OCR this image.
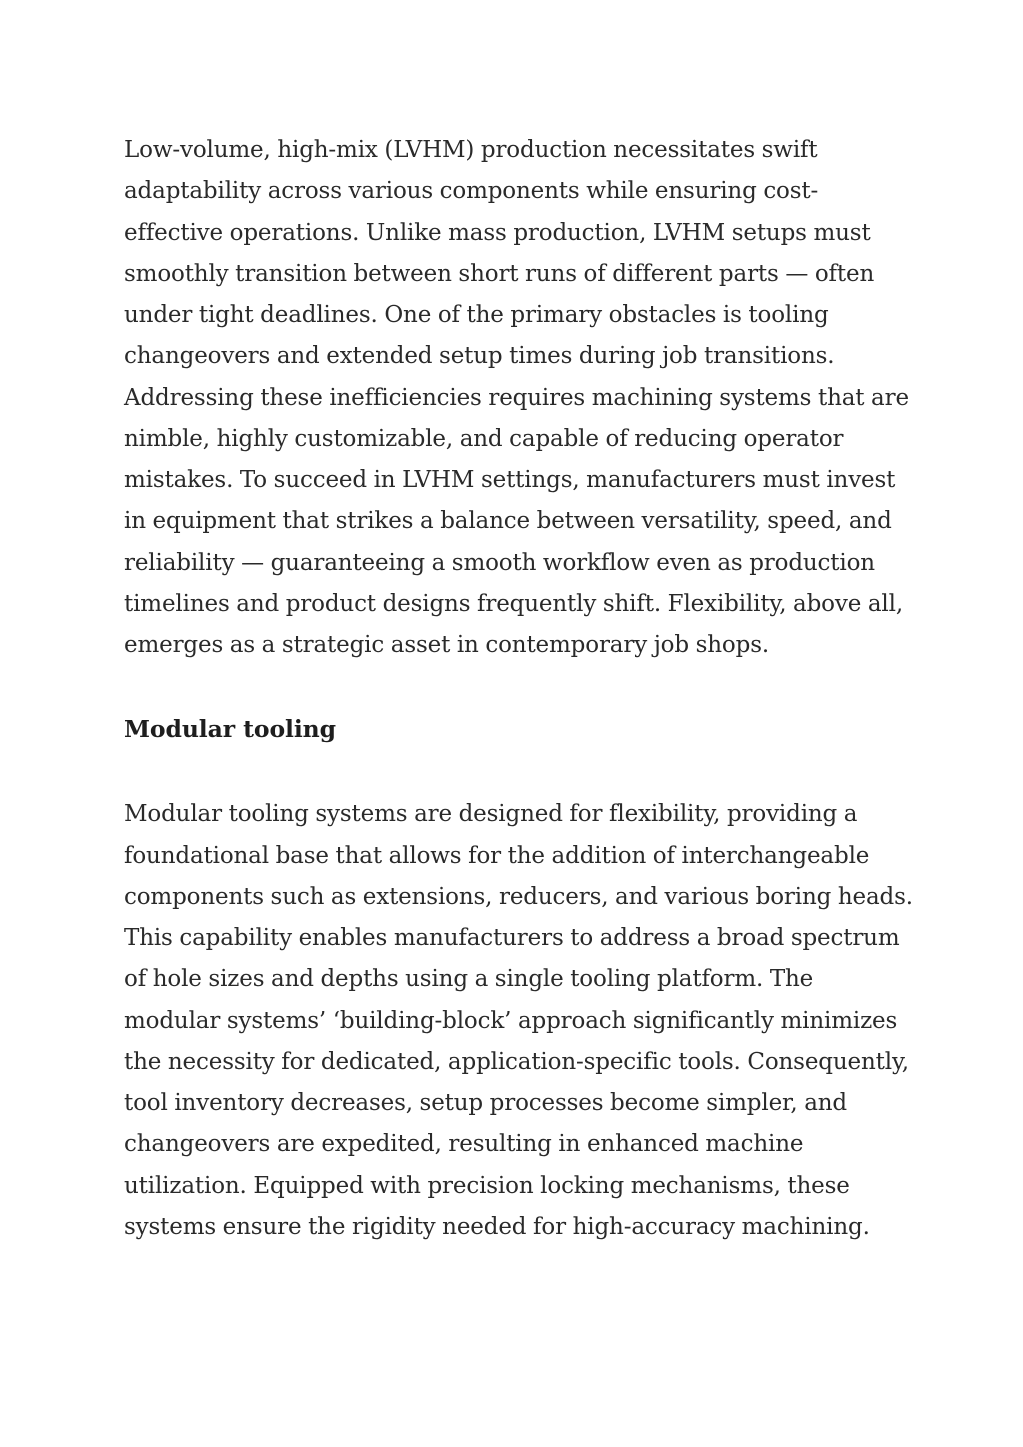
Low-volume, high-mix (LVHM) production necessitates swift adaptability across various components while ensuring cost-effective operations. Unlike mass production, LVHM setups must smoothly transition between short runs of different parts — often under tight deadlines. One of the primary obstacles is tooling changeovers and extended setup times during job transitions. Addressing these inefficiencies requires machining systems that are nimble, highly customizable, and capable of reducing operator mistakes. To succeed in LVHM settings, manufacturers must invest in equipment that strikes a balance between versatility, speed, and reliability — guaranteeing a smooth workflow even as production timelines and product designs frequently shift. Flexibility, above all, emerges as a strategic asset in contemporary job shops.

Modular tooling

Modular tooling systems are designed for flexibility, providing a foundational base that allows for the addition of interchangeable components such as extensions, reducers, and various boring heads. This capability enables manufacturers to address a broad spectrum of hole sizes and depths using a single tooling platform. The modular systems’ ‘building-block’ approach significantly minimizes the necessity for dedicated, application-specific tools. Consequently, tool inventory decreases, setup processes become simpler, and changeovers are expedited, resulting in enhanced machine utilization. Equipped with precision locking mechanisms, these systems ensure the rigidity needed for high-accuracy machining.
